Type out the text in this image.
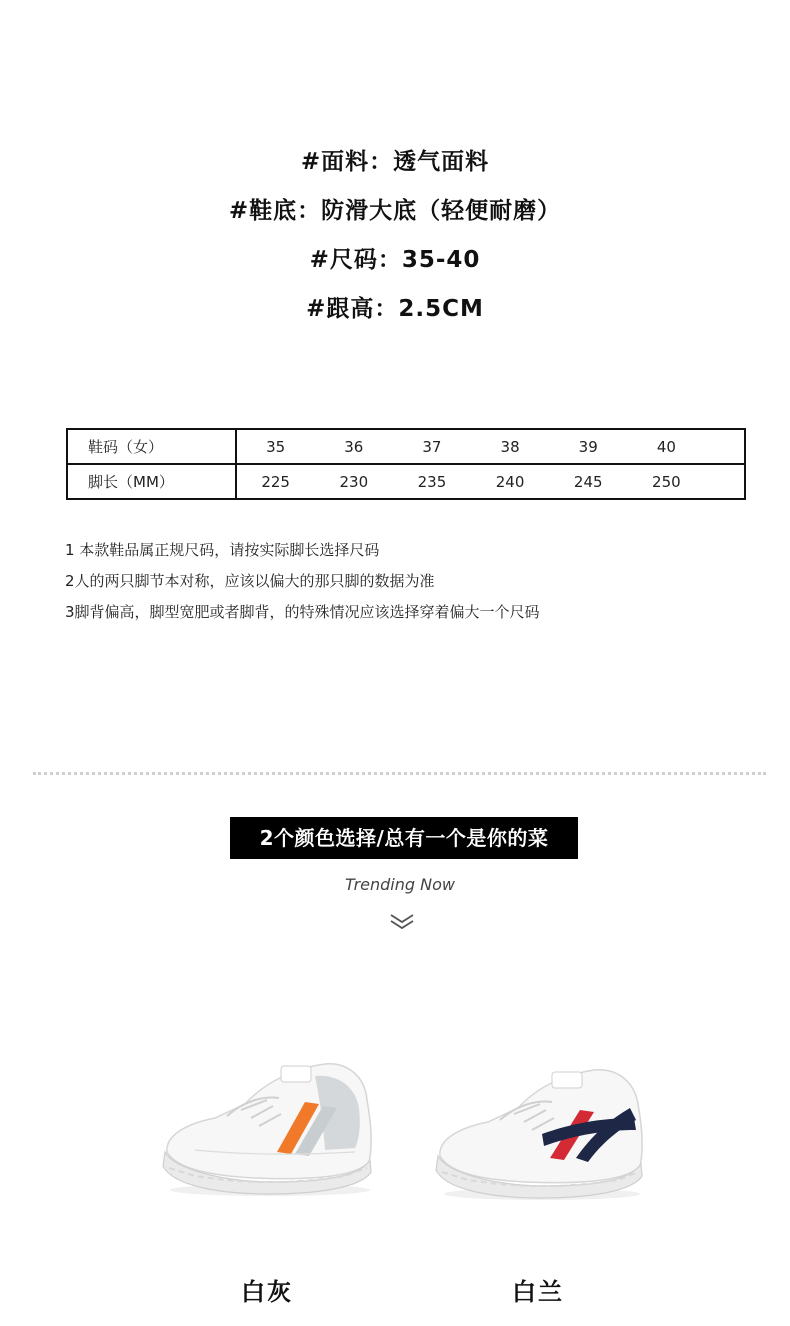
#面料：透气面料
#鞋底：防滑大底（轻便耐磨）
#尺码：35-40
#跟高：2.5CM
鞋码（女）	35	36	37	38	39	40	
脚长（MM）	225	230	235	240	245	250	
1 本款鞋品属正规尺码，请按实际脚长选择尺码
2人的两只脚节本对称，应该以偏大的那只脚的数据为准
3脚背偏高，脚型宽肥或者脚背，的特殊情况应该选择穿着偏大一个尺码
2个颜色选择/总有一个是你的菜
Trending Now
白灰	白兰
